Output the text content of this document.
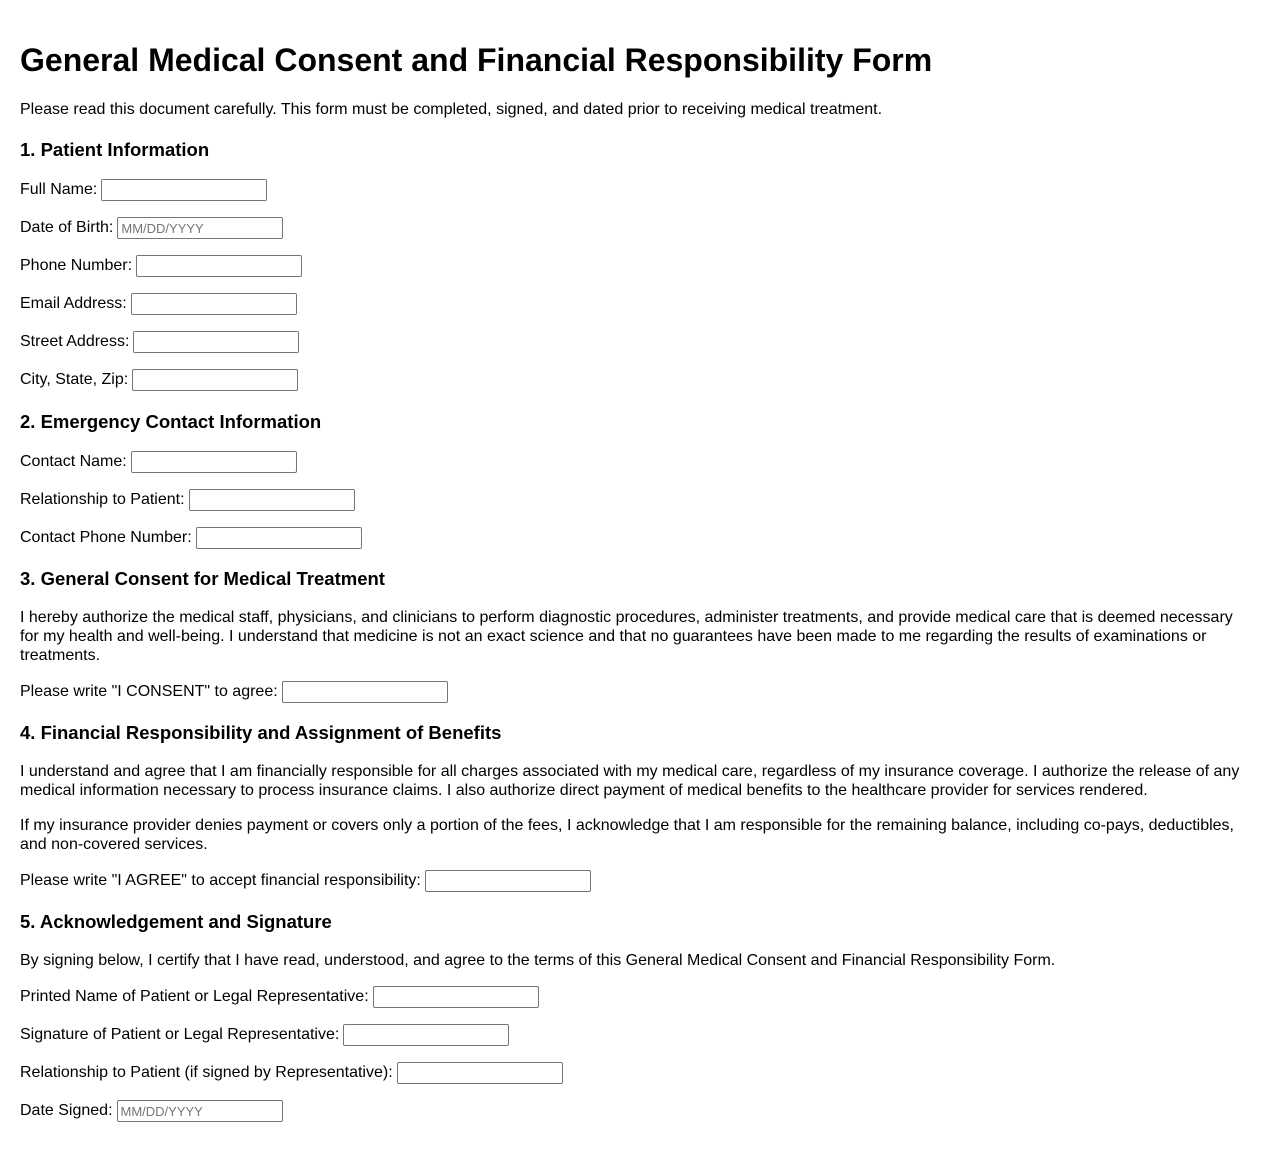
General Medical Consent and Financial Responsibility Form

Please read this document carefully. This form must be completed, signed, and dated prior to receiving medical treatment.

1. Patient Information
Full Name:
Date of Birth:
MM/DD/YYYY
Phone Number:
Email Address:
Street Address:
City, State, Zip:
2. Emergency Contact Information
Contact Name:
Relationship to Patient:
Contact Phone Number:
3. General Consent for Medical Treatment

I hereby authorize the medical staff, physicians, and clinicians to perform diagnostic procedures, administer treatments, and provide medical care that is deemed necessary for my health and well-being. I understand that medicine is not an exact science and that no guarantees have been made to me regarding the results of examinations or treatments.

Please write "I CONSENT" to agree:
4. Financial Responsibility and Assignment of Benefits

I understand and agree that I am financially responsible for all charges associated with my medical care, regardless of my insurance coverage. I authorize the release of any medical information necessary to process insurance claims. I also authorize direct payment of medical benefits to the healthcare provider for services rendered.

If my insurance provider denies payment or covers only a portion of the fees, I acknowledge that I am responsible for the remaining balance, including co-pays, deductibles, and non-covered services.

Please write "I AGREE" to accept financial responsibility:
5. Acknowledgement and Signature

By signing below, I certify that I have read, understood, and agree to the terms of this General Medical Consent and Financial Responsibility Form.

Printed Name of Patient or Legal Representative:
Signature of Patient or Legal Representative:
Relationship to Patient (if signed by Representative):
Date Signed:
MM/DD/YYYY
